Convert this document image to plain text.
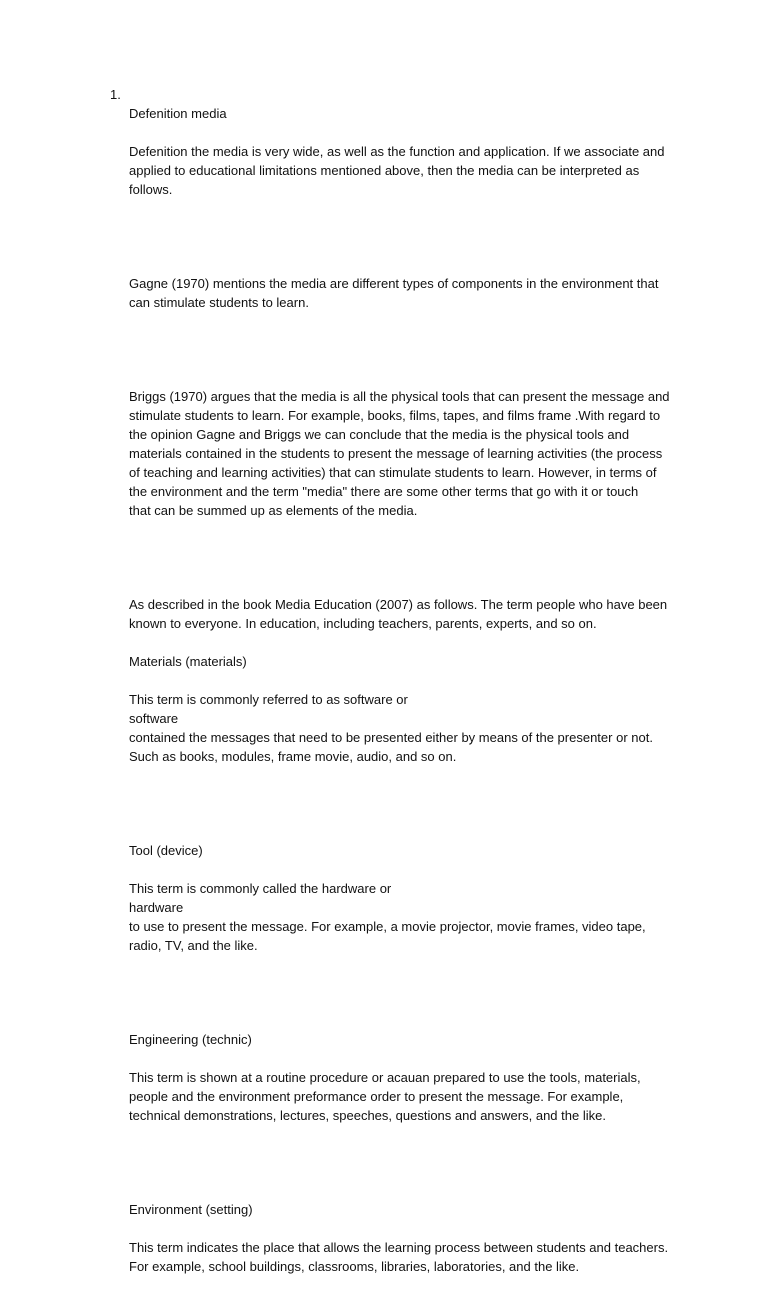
1.

Defenition media

Defenition the media is very wide, as well as the function and application. If we associate and
applied to educational limitations mentioned above, then the media can be interpreted as
follows.

Gagne (1970) mentions the media are different types of components in the environment that
can stimulate students to learn.

Briggs (1970) argues that the media is all the physical tools that can present the message and
stimulate students to learn. For example, books, films, tapes, and films frame .With regard to
the opinion Gagne and Briggs we can conclude that the media is the physical tools and
materials contained in the students to present the message of learning activities (the process
of teaching and learning activities) that can stimulate students to learn. However, in terms of
the environment and the term "media" there are some other terms that go with it or touch
that can be summed up as elements of the media.

As described in the book Media Education (2007) as follows. The term people who have been
known to everyone. In education, including teachers, parents, experts, and so on.

Materials (materials)

This term is commonly referred to as software or
software
contained the messages that need to be presented either by means of the presenter or not.
Such as books, modules, frame movie, audio, and so on.

Tool (device)

This term is commonly called the hardware or
hardware
to use to present the message. For example, a movie projector, movie frames, video tape,
radio, TV, and the like.

Engineering (technic)

This term is shown at a routine procedure or acauan prepared to use the tools, materials,
people and the environment preformance order to present the message. For example,
technical demonstrations, lectures, speeches, questions and answers, and the like.

Environment (setting)

This term indicates the place that allows the learning process between students and teachers.
For example, school buildings, classrooms, libraries, laboratories, and the like.
